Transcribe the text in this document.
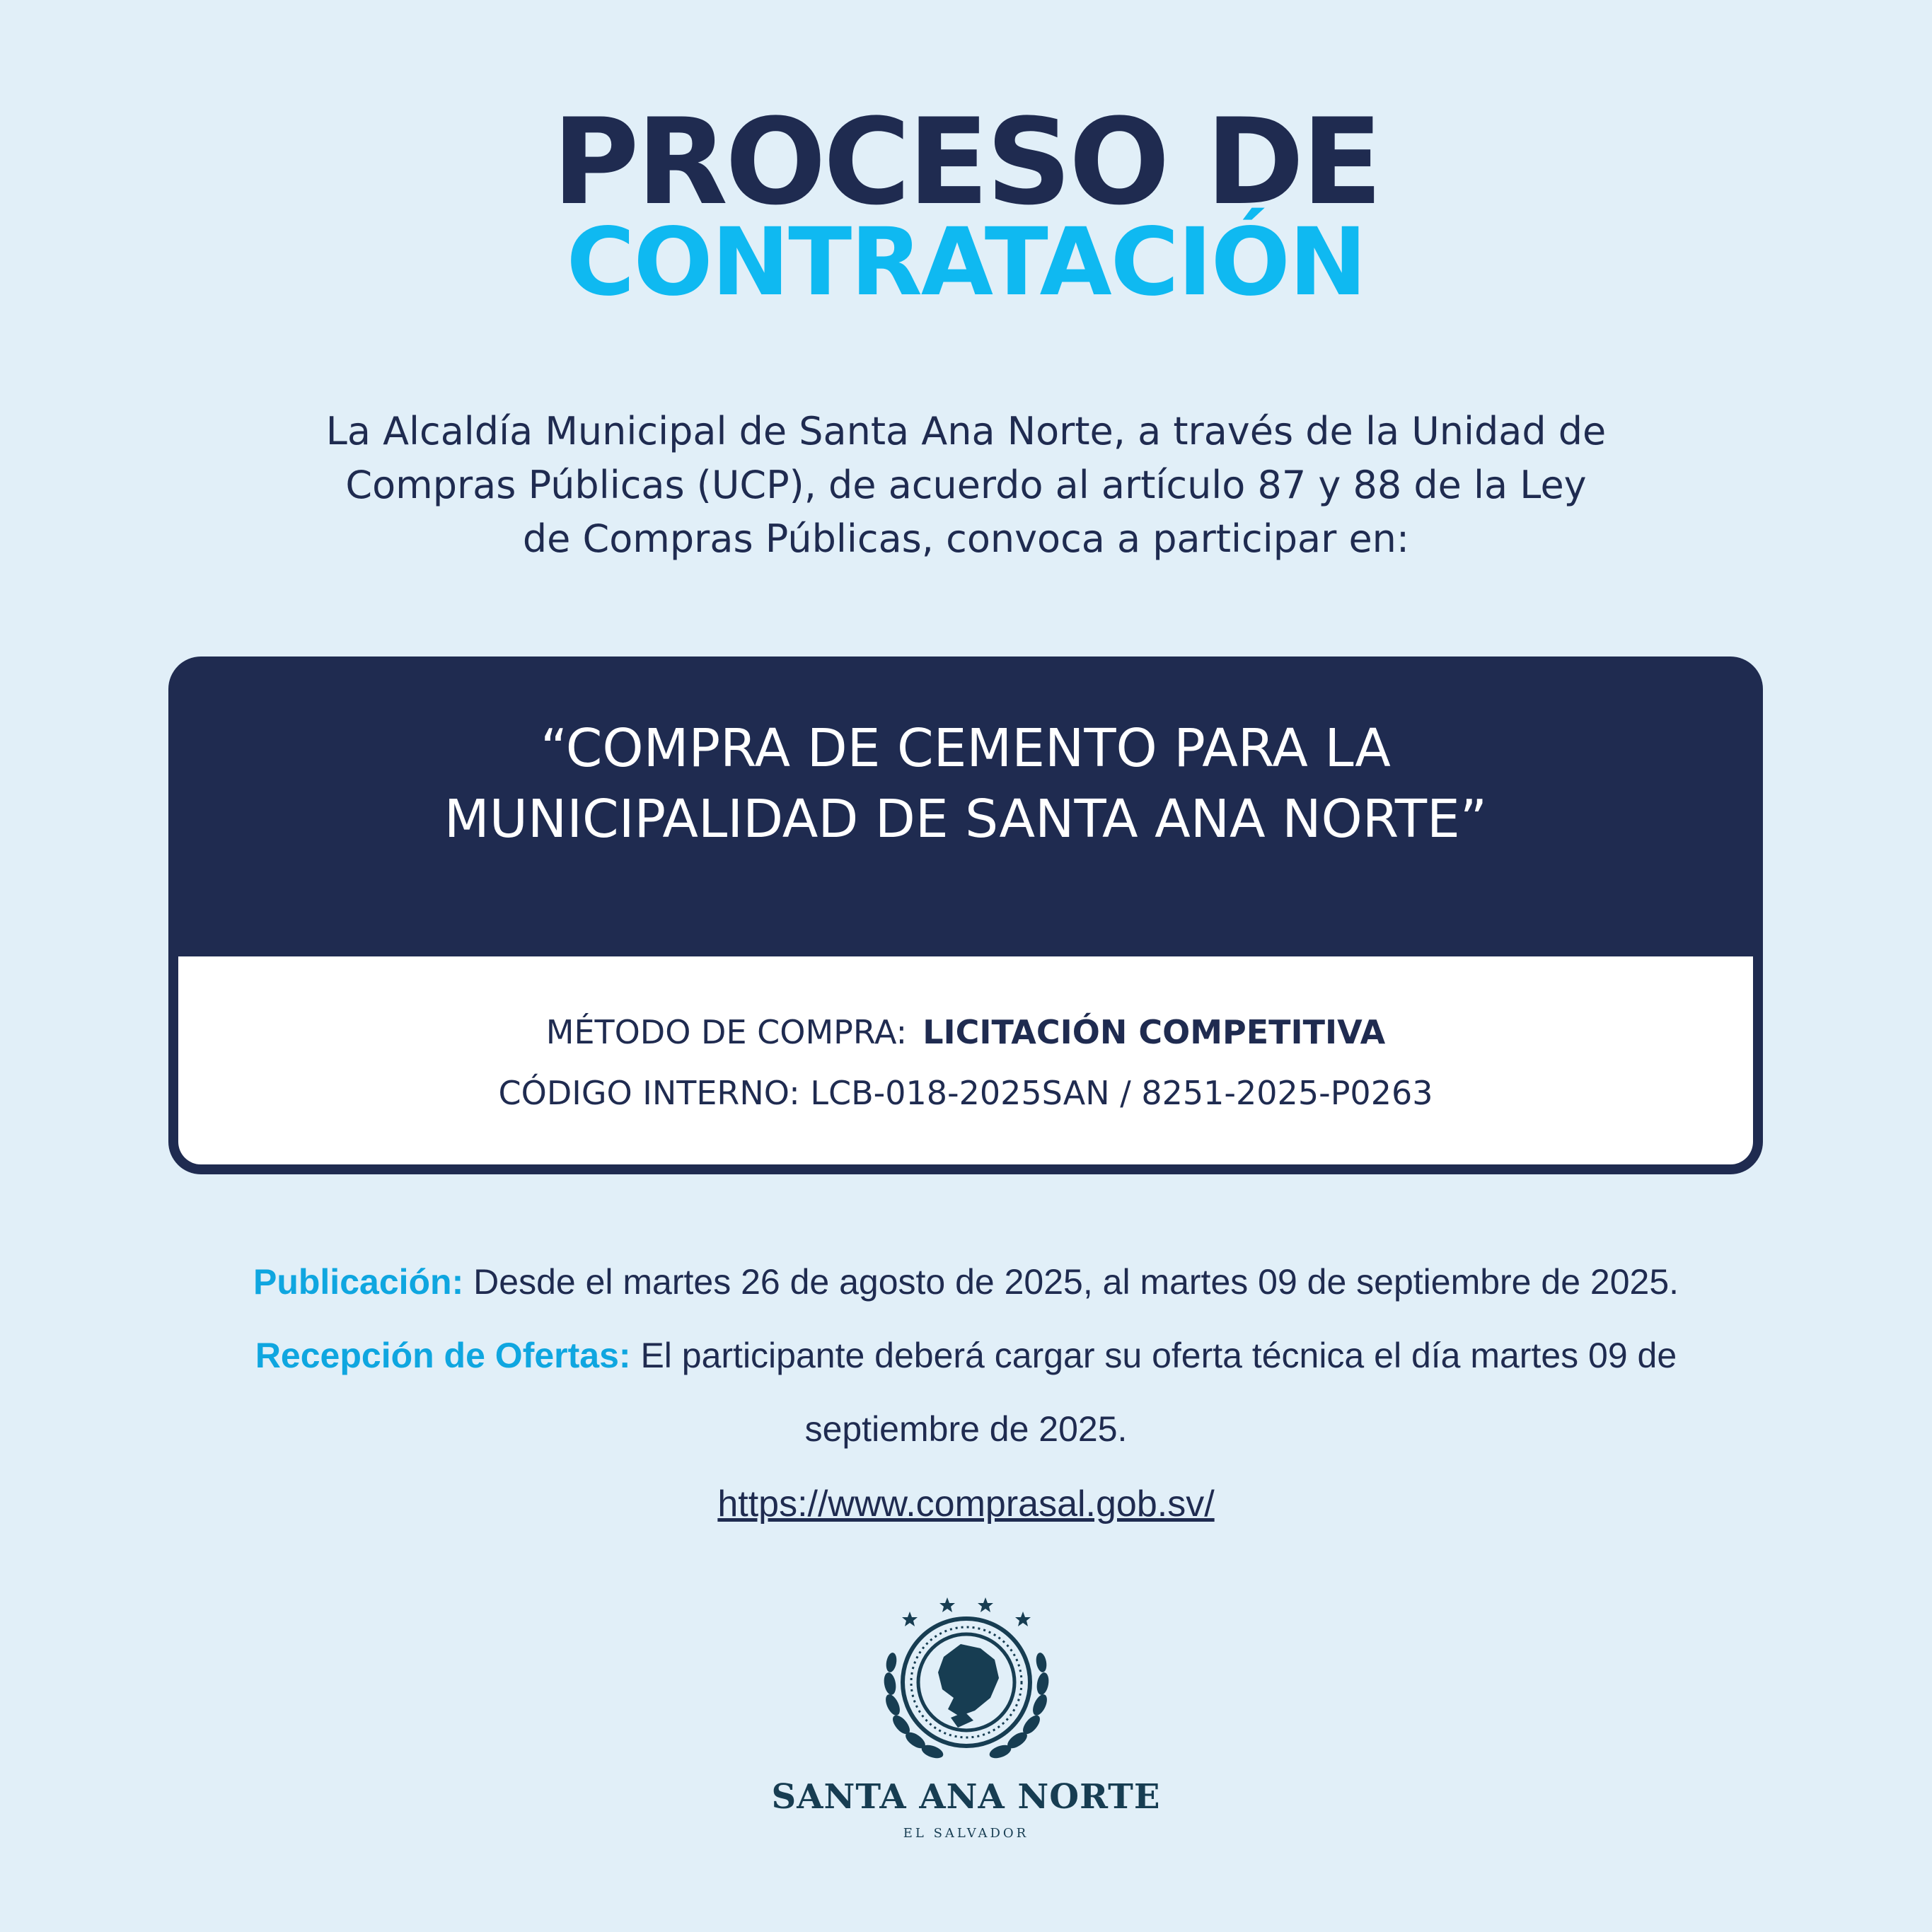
PROCESO DE
CONTRATACIÓN
La Alcaldía Municipal de Santa Ana Norte, a través de la Unidad de
Compras Públicas (UCP), de acuerdo al artículo 87 y 88 de la Ley
de Compras Públicas, convoca a participar en:
“COMPRA DE CEMENTO PARA LA
MUNICIPALIDAD DE SANTA ANA NORTE”
MÉTODO DE COMPRA: LICITACIÓN COMPETITIVA
CÓDIGO INTERNO: LCB-018-2025SAN / 8251-2025-P0263
Publicación: Desde el martes 26 de agosto de 2025, al martes 09 de septiembre de 2025.
Recepción de Ofertas: El participante deberá cargar su oferta técnica el día martes 09 de
septiembre de 2025.
https://www.comprasal.gob.sv/
SANTA ANA NORTE
EL SALVADOR
